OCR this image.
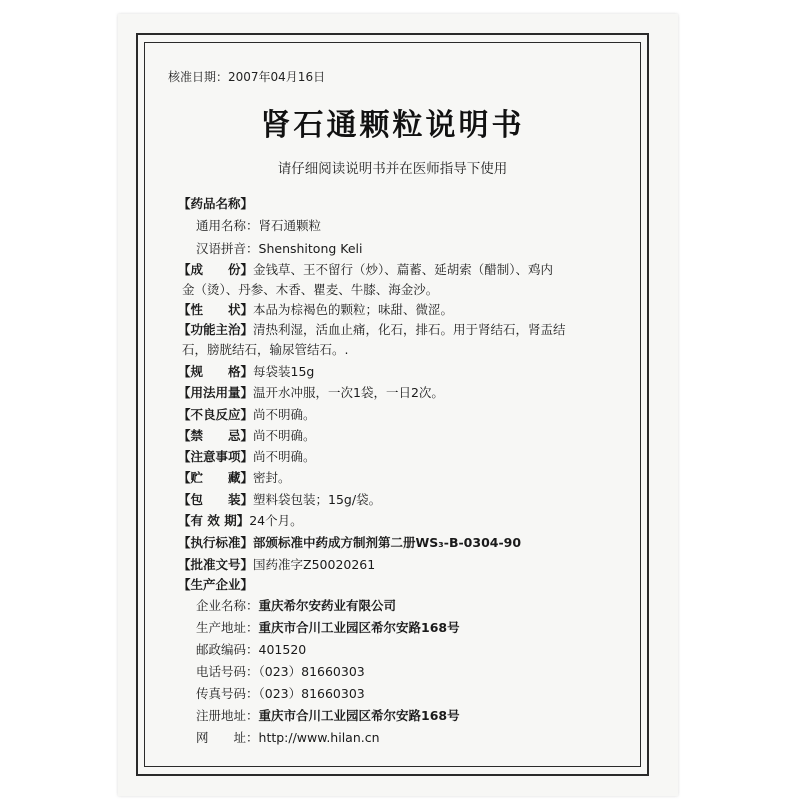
核准日期：2007年04月16日
肾石通颗粒说明书
请仔细阅读说明书并在医师指导下使用
【药品名称】
通用名称：肾石通颗粒
汉语拼音：Shenshitong Keli
【成　　份】金钱草、王不留行（炒）、萹蓄、延胡索（醋制）、鸡内
金（烫）、丹参、木香、瞿麦、牛膝、海金沙。
【性　　状】本品为棕褐色的颗粒；味甜、微涩。
【功能主治】清热利湿，活血止痛，化石，排石。用于肾结石，肾盂结
石，膀胱结石，输尿管结石。.
【规　　格】每袋装15g
【用法用量】温开水冲服，一次1袋，一日2次。
【不良反应】尚不明确。
【禁　　忌】尚不明确。
【注意事项】尚不明确。
【贮　　藏】密封。
【包　　装】塑料袋包装；15g/袋。
【有 效 期】24个月。
【执行标准】部颁标准中药成方制剂第二册WS₃-B-0304-90
【批准文号】国药准字Z50020261
【生产企业】
企业名称：重庆希尔安药业有限公司
生产地址：重庆市合川工业园区希尔安路168号
邮政编码：401520
电话号码：（023）81660303
传真号码：（023）81660303
注册地址：重庆市合川工业园区希尔安路168号
网　　址：http://www.hilan.cn
